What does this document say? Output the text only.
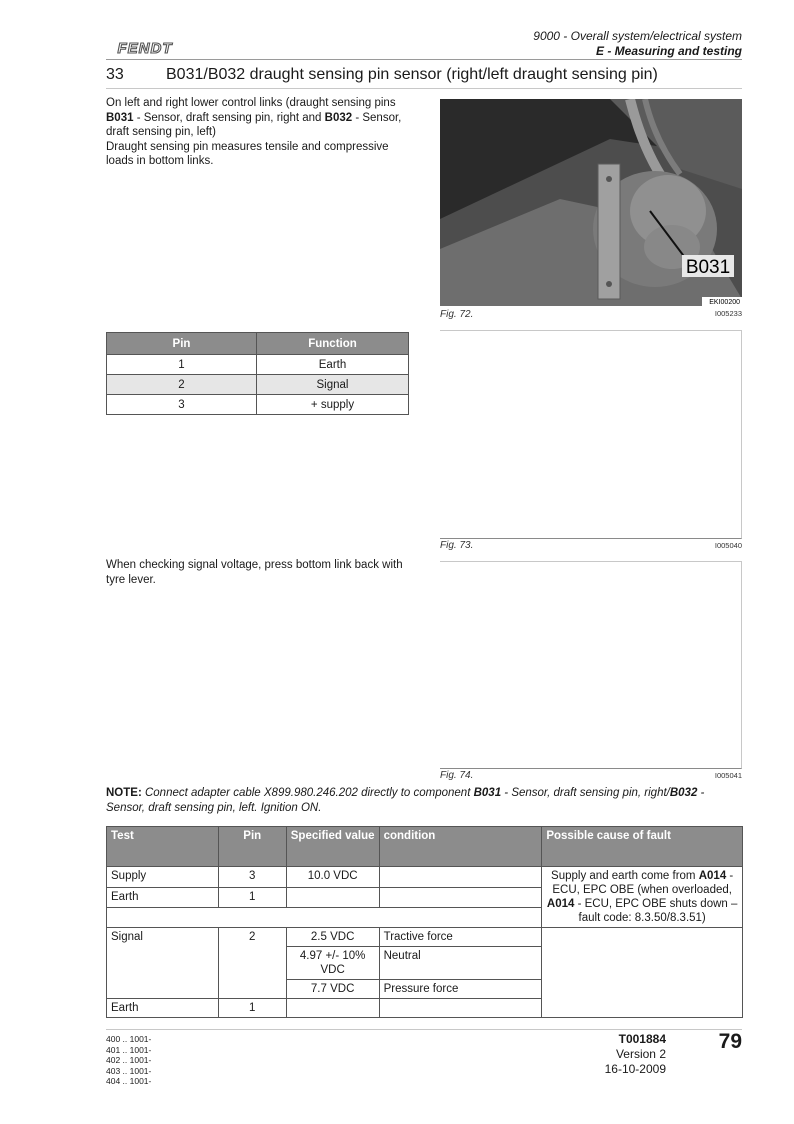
FENDT
9000 - Overall system/electrical system
E - Measuring and testing
33	B031/B032 draught sensing pin sensor (right/left draught sensing pin)
On left and right lower control links (draught sensing pins B031 - Sensor, draft sensing pin, right and B032 - Sensor, draft sensing pin, left)
Draught sensing pin measures tensile and compressive loads in bottom links.
B031
EKI00200
Fig. 72.	I005233
Pin	Function
1	Earth
2	Signal
3	+ supply
Fig. 73.	I005040
When checking signal voltage, press bottom link back with tyre lever.
Fig. 74.	I005041
NOTE: Connect adapter cable X899.980.246.202 directly to component B031 - Sensor, draft sensing pin, right/B032 - Sensor, draft sensing pin, left. Ignition ON.
Test	Pin	Specified value	condition	Possible cause of fault
Supply	3	10.0 VDC		Supply and earth come from A014 - ECU, EPC OBE (when overloaded, A014 - ECU, EPC OBE shuts down – fault code: 8.3.50/8.3.51)
Earth	1			

Signal	2	2.5 VDC	Tractive force	
		4.97 +/- 10% VDC	Neutral	
		7.7 VDC	Pressure force	
Earth	1			
400 .. 1001-
401 .. 1001-
402 .. 1001-
403 .. 1001-
404 .. 1001-
T001884
Version 2
16-10-2009
79
